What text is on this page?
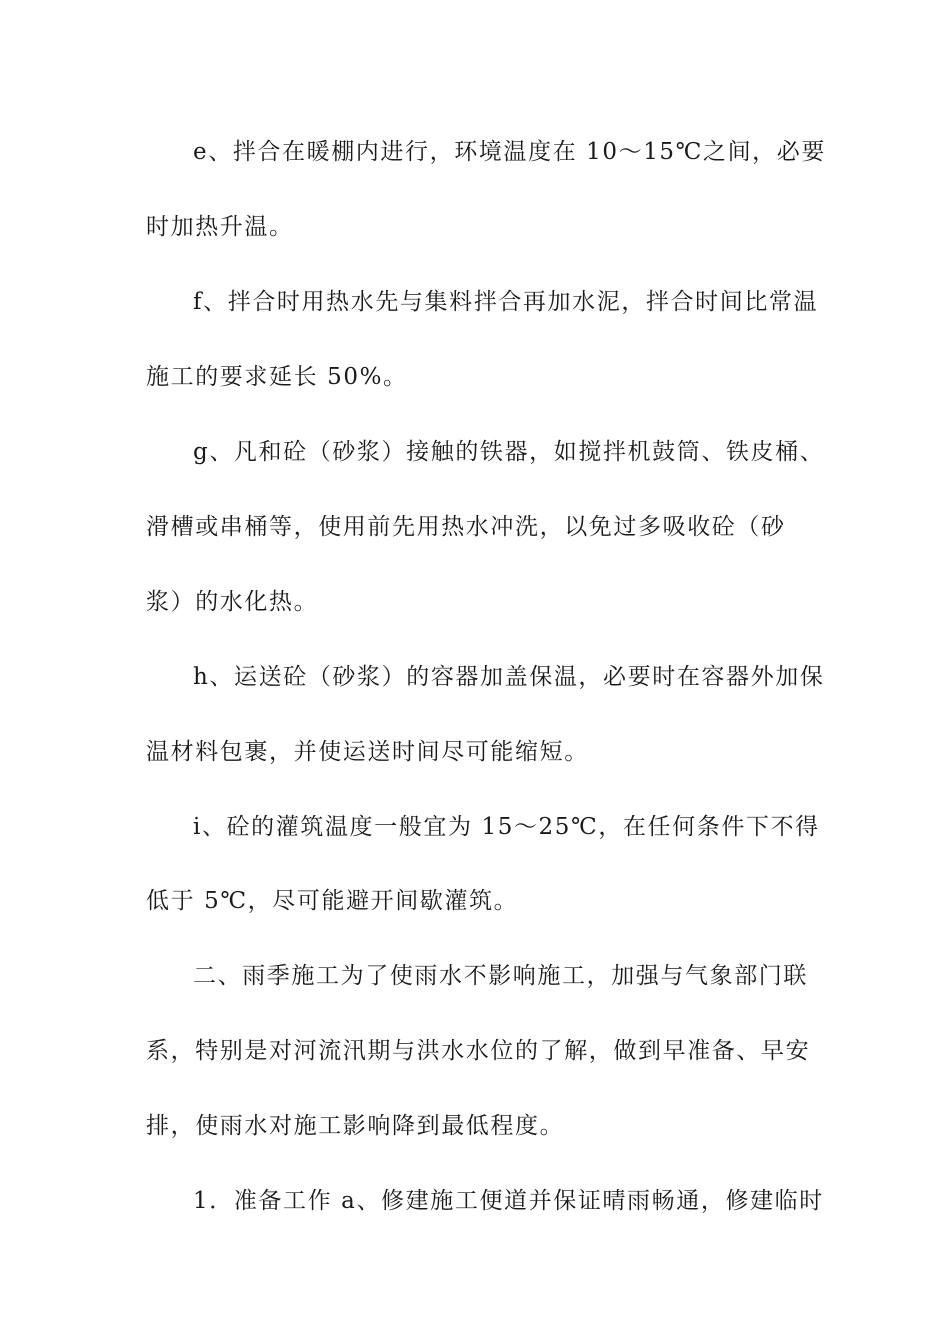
e、拌合在暖棚内进行，环境温度在 10～15℃之间，必要
时加热升温。
f、拌合时用热水先与集料拌合再加水泥，拌合时间比常温
施工的要求延长 50%。
g、凡和砼（砂浆）接触的铁器，如搅拌机鼓筒、铁皮桶、
滑槽或串桶等，使用前先用热水冲洗，以免过多吸收砼（砂
浆）的水化热。
h、运送砼（砂浆）的容器加盖保温，必要时在容器外加保
温材料包裹，并使运送时间尽可能缩短。
i、砼的灌筑温度一般宜为 15～25℃，在任何条件下不得
低于 5℃，尽可能避开间歇灌筑。
二、雨季施工为了使雨水不影响施工，加强与气象部门联
系，特别是对河流汛期与洪水水位的了解，做到早准备、早安
排，使雨水对施工影响降到最低程度。
1．准备工作 a、修建施工便道并保证晴雨畅通，修建临时
